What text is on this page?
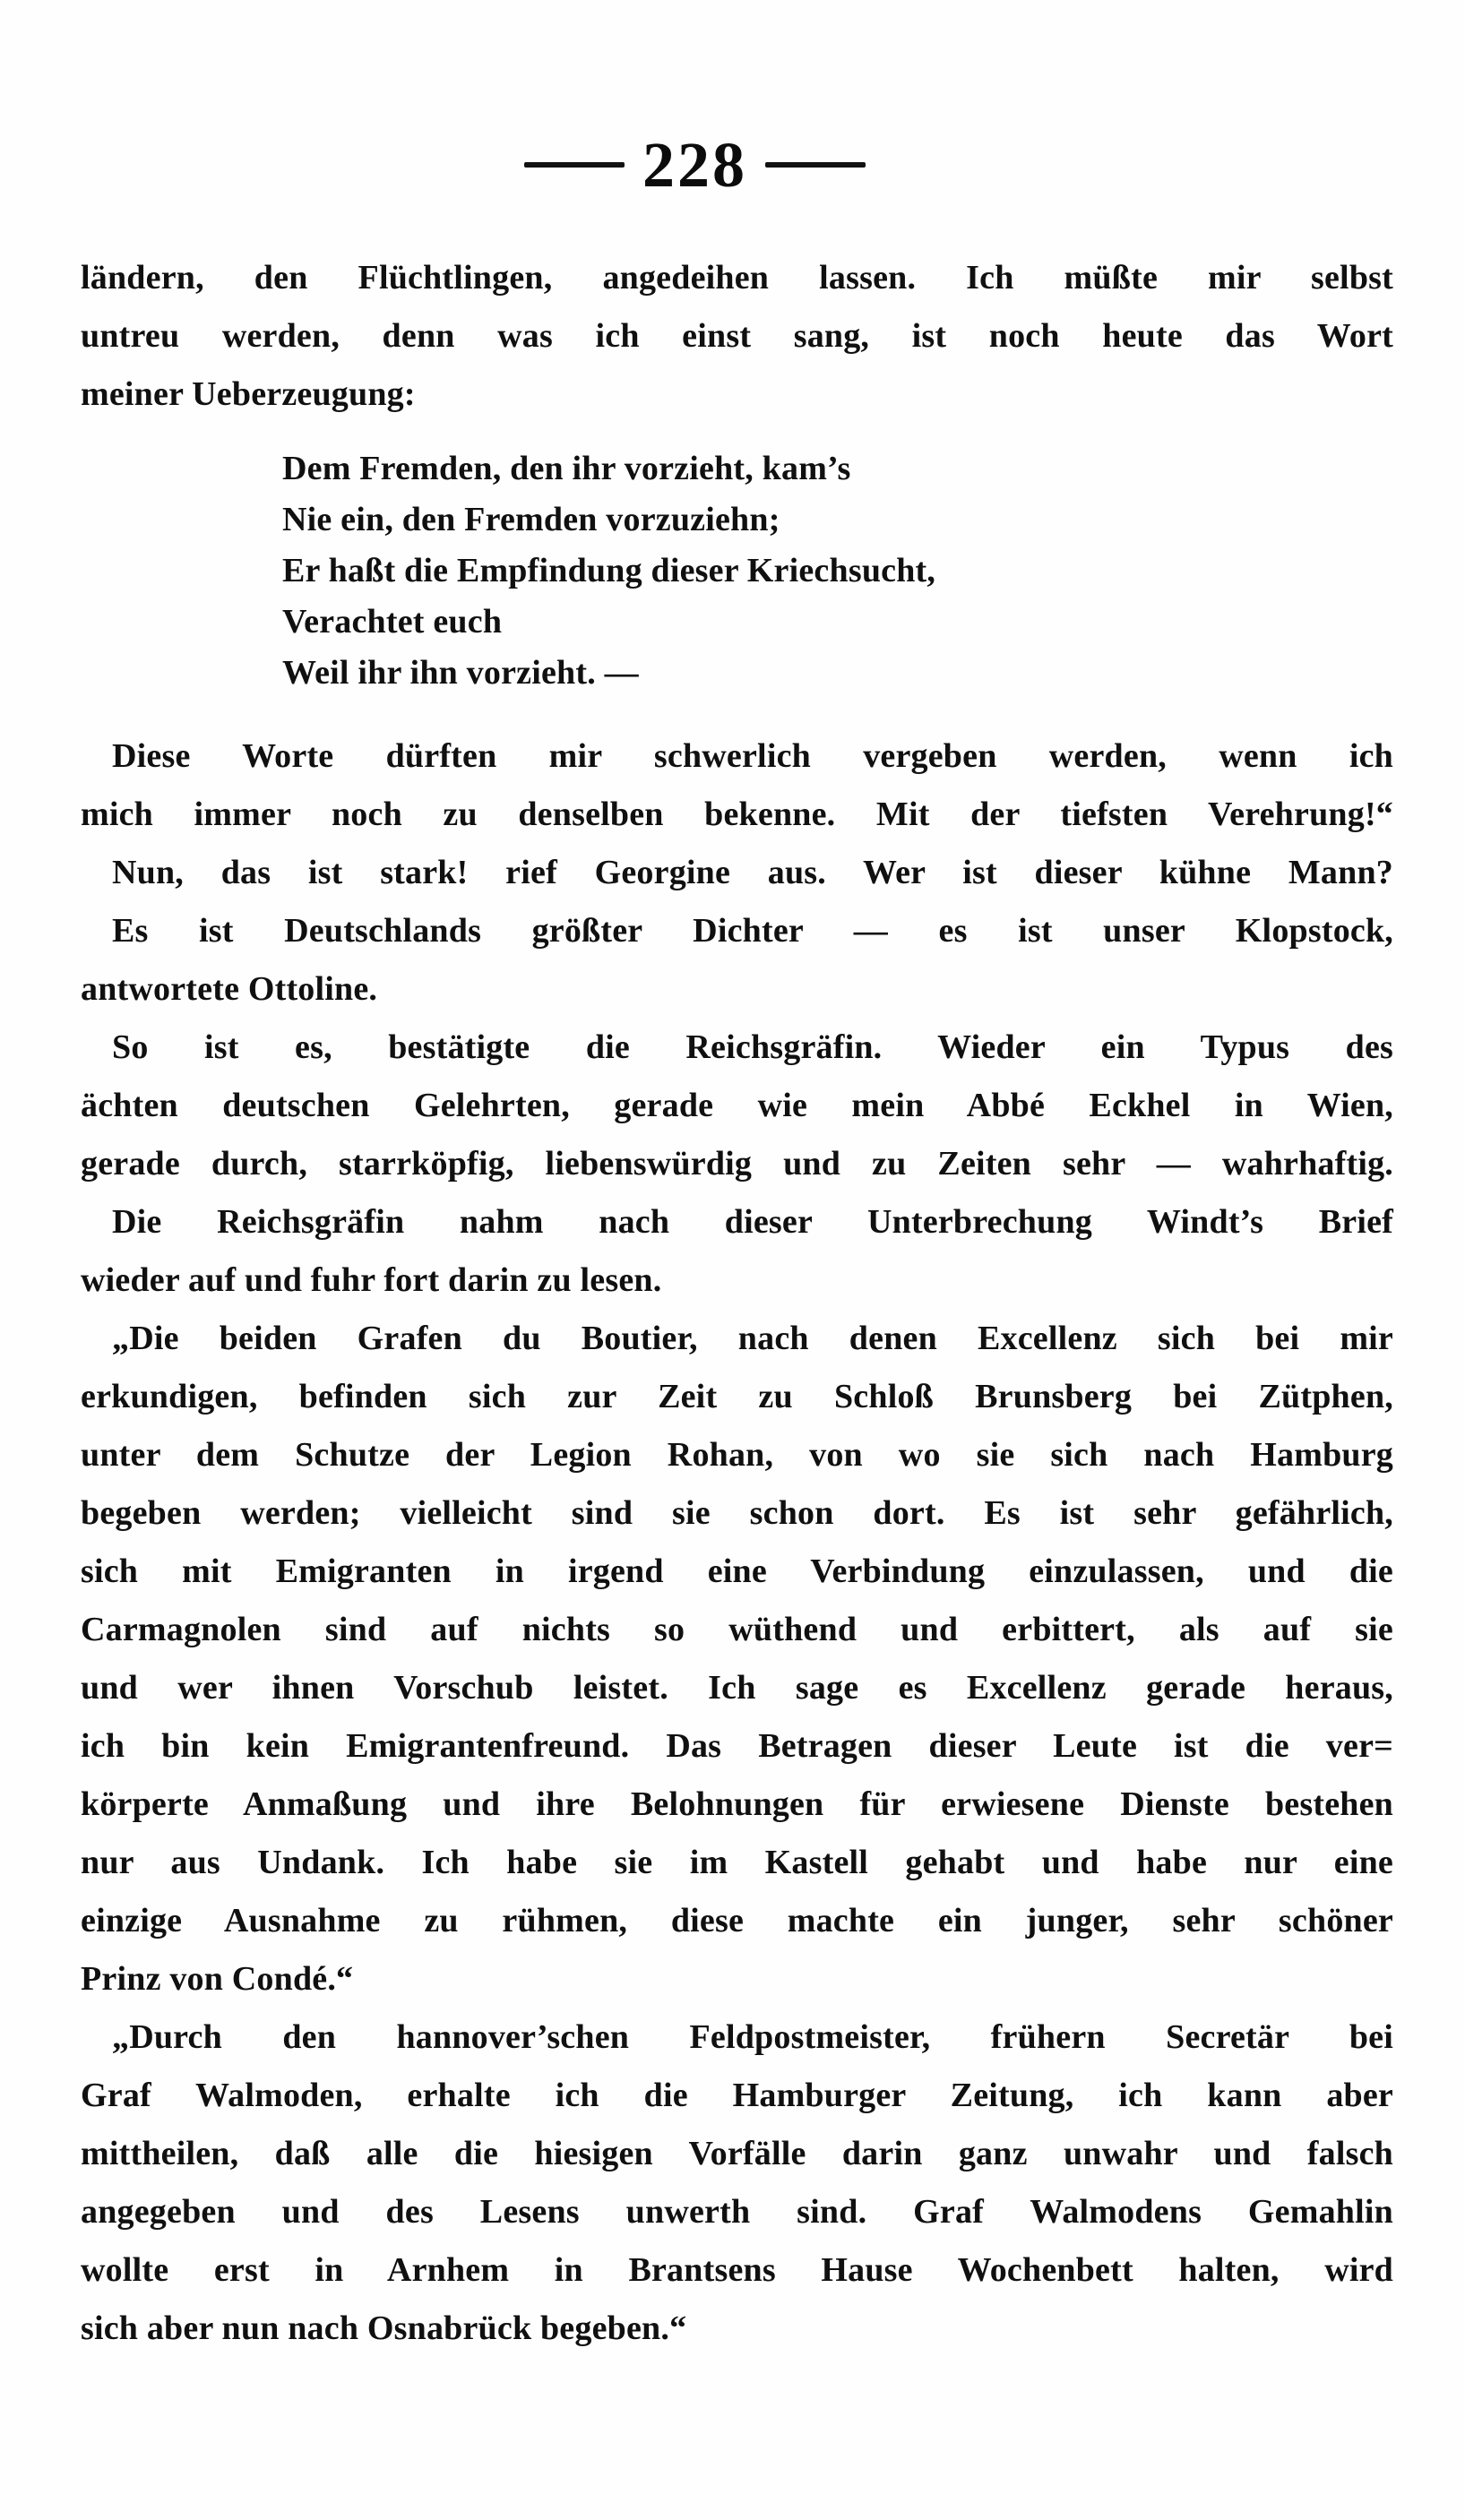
228
ländern, den Flüchtlingen, angedeihen lassen. Ich müßte mir selbst
untreu werden, denn was ich einst sang, ist noch heute das Wort
meiner Ueberzeugung:
Dem Fremden, den ihr vorzieht, kam’s
Nie ein, den Fremden vorzuziehn;
Er haßt die Empfindung dieser Kriechsucht,
Verachtet euch
Weil ihr ihn vorzieht. —
Diese Worte dürften mir schwerlich vergeben werden, wenn ich
mich immer noch zu denselben bekenne. Mit der tiefsten Verehrung!“
Nun, das ist stark! rief Georgine aus. Wer ist dieser kühne Mann?
Es ist Deutschlands größter Dichter — es ist unser Klopstock,
antwortete Ottoline.
So ist es, bestätigte die Reichsgräfin. Wieder ein Typus des
ächten deutschen Gelehrten, gerade wie mein Abbé Eckhel in Wien,
gerade durch, starrköpfig, liebenswürdig und zu Zeiten sehr — wahrhaftig.
Die Reichsgräfin nahm nach dieser Unterbrechung Windt’s Brief
wieder auf und fuhr fort darin zu lesen.
„Die beiden Grafen du Boutier, nach denen Excellenz sich bei mir
erkundigen, befinden sich zur Zeit zu Schloß Brunsberg bei Zütphen,
unter dem Schutze der Legion Rohan, von wo sie sich nach Hamburg
begeben werden; vielleicht sind sie schon dort. Es ist sehr gefährlich,
sich mit Emigranten in irgend eine Verbindung einzulassen, und die
Carmagnolen sind auf nichts so wüthend und erbittert, als auf sie
und wer ihnen Vorschub leistet. Ich sage es Excellenz gerade heraus,
ich bin kein Emigrantenfreund. Das Betragen dieser Leute ist die ver=
körperte Anmaßung und ihre Belohnungen für erwiesene Dienste bestehen
nur aus Undank. Ich habe sie im Kastell gehabt und habe nur eine
einzige Ausnahme zu rühmen, diese machte ein junger, sehr schöner
Prinz von Condé.“
„Durch den hannover’schen Feldpostmeister, frühern Secretär bei
Graf Walmoden, erhalte ich die Hamburger Zeitung, ich kann aber
mittheilen, daß alle die hiesigen Vorfälle darin ganz unwahr und falsch
angegeben und des Lesens unwerth sind. Graf Walmodens Gemahlin
wollte erst in Arnhem in Brantsens Hause Wochenbett halten, wird
sich aber nun nach Osnabrück begeben.“
